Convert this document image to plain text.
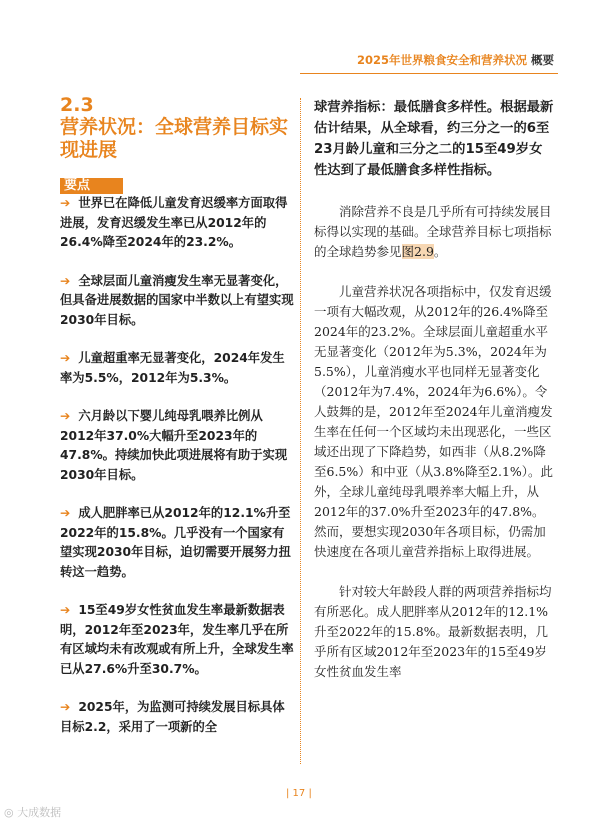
2025年世界粮食安全和营养状况 概要
2.3
营养状况：全球营养目标实现进展
要点
➔ 世界已在降低儿童发育迟缓率方面取得进展，发育迟缓发生率已从2012年的26.4%降至2024年的23.2%。
➔ 全球层面儿童消瘦发生率无显著变化，但具备进展数据的国家中半数以上有望实现2030年目标。
➔ 儿童超重率无显著变化，2024年发生率为5.5%，2012年为5.3%。
➔ 六月龄以下婴儿纯母乳喂养比例从2012年37.0%大幅升至2023年的47.8%。持续加快此项进展将有助于实现2030年目标。
➔ 成人肥胖率已从2012年的12.1%升至2022年的15.8%。几乎没有一个国家有望实现2030年目标，迫切需要开展努力扭转这一趋势。
➔ 15至49岁女性贫血发生率最新数据表明，2012年至2023年，发生率几乎在所有区域均未有改观或有所上升，全球发生率已从27.6%升至30.7%。
➔ 2025年，为监测可持续发展目标具体目标2.2，采用了一项新的全

球营养指标：最低膳食多样性。根据最新估计结果，从全球看，约三分之一的6至23月龄儿童和三分之二的15至49岁女性达到了最低膳食多样性指标。

消除营养不良是几乎所有可持续发展目标得以实现的基础。全球营养目标七项指标的全球趋势参见图2.9。

儿童营养状况各项指标中，仅发育迟缓一项有大幅改观，从2012年的26.4%降至2024年的23.2%。全球层面儿童超重水平无显著变化（2012年为5.3%，2024年为5.5%），儿童消瘦水平也同样无显著变化（2012年为7.4%，2024年为6.6%）。令人鼓舞的是，2012年至2024年儿童消瘦发生率在任何一个区域均未出现恶化，一些区域还出现了下降趋势，如西非（从8.2%降至6.5%）和中亚（从3.8%降至2.1%）。此外，全球儿童纯母乳喂养率大幅上升，从2012年的37.0%升至2023年的47.8%。然而，要想实现2030年各项目标，仍需加快速度在各项儿童营养指标上取得进展。

针对较大年龄段人群的两项营养指标均有所恶化。成人肥胖率从2012年的12.1%升至2022年的15.8%。最新数据表明，几乎所有区域2012年至2023年的15至49岁女性贫血发生率

| 17 |
◎ 大成数据
